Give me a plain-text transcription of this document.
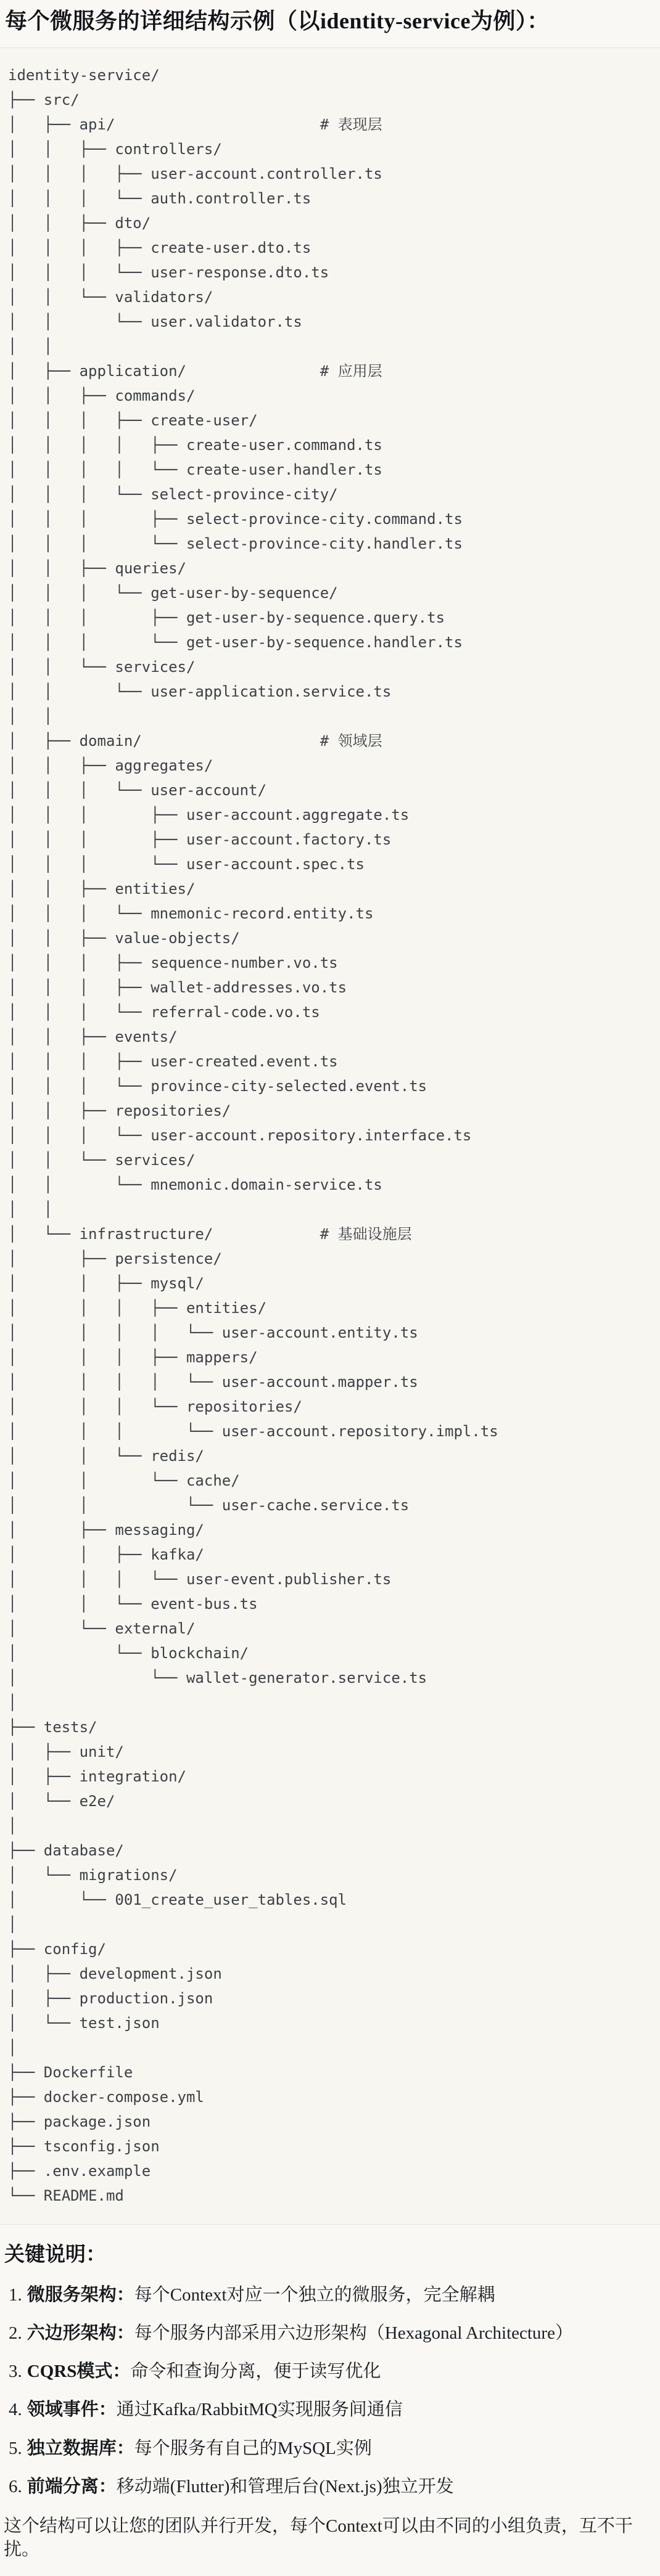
每个微服务的详细结构示例（以identity-service为例）：
identity-service/
├── src/
│   ├── api/                       # 表现层
│   │   ├── controllers/
│   │   │   ├── user-account.controller.ts
│   │   │   └── auth.controller.ts
│   │   ├── dto/
│   │   │   ├── create-user.dto.ts
│   │   │   └── user-response.dto.ts
│   │   └── validators/
│   │       └── user.validator.ts
│   │
│   ├── application/               # 应用层
│   │   ├── commands/
│   │   │   ├── create-user/
│   │   │   │   ├── create-user.command.ts
│   │   │   │   └── create-user.handler.ts
│   │   │   └── select-province-city/
│   │   │       ├── select-province-city.command.ts
│   │   │       └── select-province-city.handler.ts
│   │   ├── queries/
│   │   │   └── get-user-by-sequence/
│   │   │       ├── get-user-by-sequence.query.ts
│   │   │       └── get-user-by-sequence.handler.ts
│   │   └── services/
│   │       └── user-application.service.ts
│   │
│   ├── domain/                    # 领域层
│   │   ├── aggregates/
│   │   │   └── user-account/
│   │   │       ├── user-account.aggregate.ts
│   │   │       ├── user-account.factory.ts
│   │   │       └── user-account.spec.ts
│   │   ├── entities/
│   │   │   └── mnemonic-record.entity.ts
│   │   ├── value-objects/
│   │   │   ├── sequence-number.vo.ts
│   │   │   ├── wallet-addresses.vo.ts
│   │   │   └── referral-code.vo.ts
│   │   ├── events/
│   │   │   ├── user-created.event.ts
│   │   │   └── province-city-selected.event.ts
│   │   ├── repositories/
│   │   │   └── user-account.repository.interface.ts
│   │   └── services/
│   │       └── mnemonic.domain-service.ts
│   │
│   └── infrastructure/            # 基础设施层
│       ├── persistence/
│       │   ├── mysql/
│       │   │   ├── entities/
│       │   │   │   └── user-account.entity.ts
│       │   │   ├── mappers/
│       │   │   │   └── user-account.mapper.ts
│       │   │   └── repositories/
│       │   │       └── user-account.repository.impl.ts
│       │   └── redis/
│       │       └── cache/
│       │           └── user-cache.service.ts
│       ├── messaging/
│       │   ├── kafka/
│       │   │   └── user-event.publisher.ts
│       │   └── event-bus.ts
│       └── external/
│           └── blockchain/
│               └── wallet-generator.service.ts
│
├── tests/
│   ├── unit/
│   ├── integration/
│   └── e2e/
│
├── database/
│   └── migrations/
│       └── 001_create_user_tables.sql
│
├── config/
│   ├── development.json
│   ├── production.json
│   └── test.json
│
├── Dockerfile
├── docker-compose.yml
├── package.json
├── tsconfig.json
├── .env.example
└── README.md
关键说明：
1. 微服务架构：每个Context对应一个独立的微服务，完全解耦
2. 六边形架构：每个服务内部采用六边形架构（Hexagonal Architecture）
3. CQRS模式：命令和查询分离，便于读写优化
4. 领域事件：通过Kafka/RabbitMQ实现服务间通信
5. 独立数据库：每个服务有自己的MySQL实例
6. 前端分离：移动端(Flutter)和管理后台(Next.js)独立开发

这个结构可以让您的团队并行开发，每个Context可以由不同的小组负责，互不干扰。
